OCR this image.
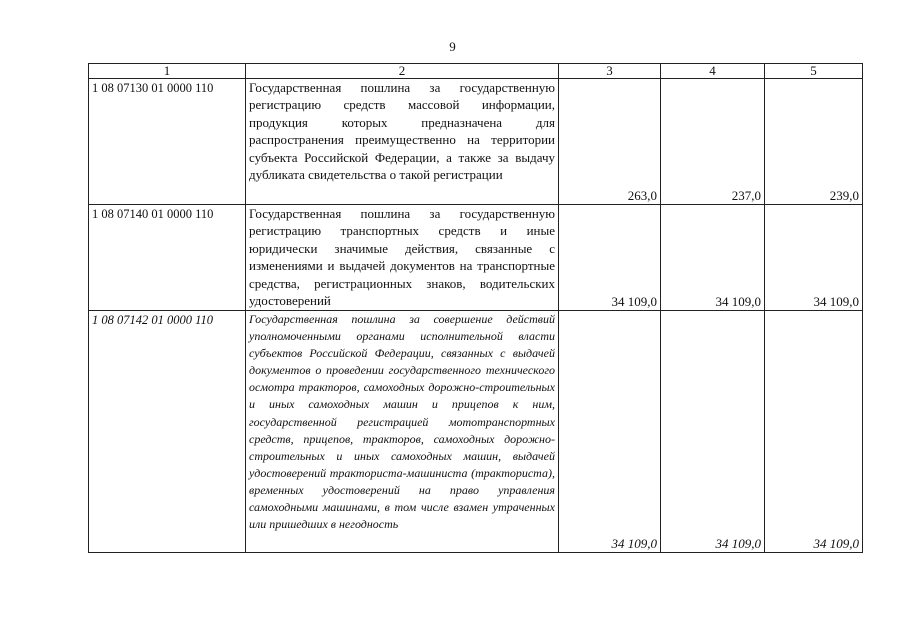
9
1	2	3	4	5
1 08 07130 01 0000 110	Государственная пошлина за государственную регистрацию средств массовой информации, продукция которых предназначена для распространения преимущественно на территории субъекта Российской Федерации, а также за выдачу дубликата свидетельства о такой регистрации	263,0	237,0	239,0
1 08 07140 01 0000 110	Государственная пошлина за государственную регистрацию транспортных средств и иные юридически значимые действия, связанные с изменениями и выдачей документов на транспортные средства, регистрационных знаков, водительских удостоверений	34 109,0	34 109,0	34 109,0
1 08 07142 01 0000 110	Государственная пошлина за совершение действий уполномоченными органами исполнительной власти субъектов Российской Федерации, связанных с выдачей документов о проведении государственного технического осмотра тракторов, самоходных дорожно-строительных и иных самоходных машин и прицепов к ним, государственной регистрацией мототранспортных средств, прицепов, тракторов, самоходных дорожно-строительных и иных самоходных машин, выдачей удостоверений тракториста-машиниста (тракториста), временных удостоверений на право управления самоходными машинами, в том числе взамен утраченных или пришедших в негодность	34 109,0	34 109,0	34 109,0
